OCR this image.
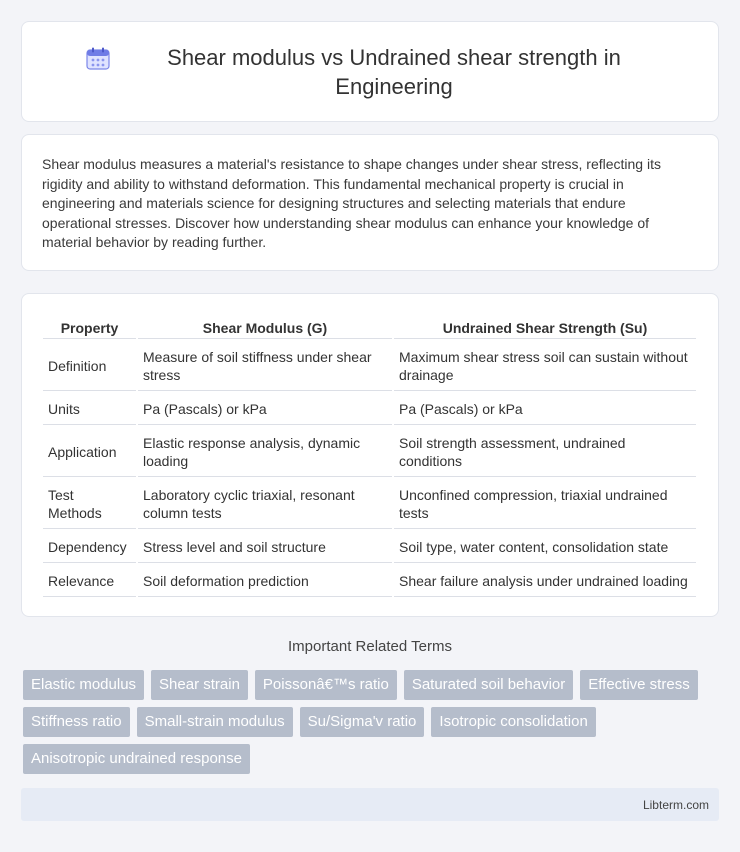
Shear modulus vs Undrained shear strength in Engineering

Shear modulus measures a material's resistance to shape changes under shear stress, reflecting its rigidity and ability to withstand deformation. This fundamental mechanical property is crucial in engineering and materials science for designing structures and selecting materials that endure operational stresses. Discover how understanding shear modulus can enhance your knowledge of material behavior by reading further.

Property	Shear Modulus (G)	Undrained Shear Strength (Su)
Definition	Measure of soil stiffness under shear stress	Maximum shear stress soil can sustain without drainage
Units	Pa (Pascals) or kPa	Pa (Pascals) or kPa
Application	Elastic response analysis, dynamic loading	Soil strength assessment, undrained conditions
Test Methods	Laboratory cyclic triaxial, resonant column tests	Unconfined compression, triaxial undrained tests
Dependency	Stress level and soil structure	Soil type, water content, consolidation state
Relevance	Soil deformation prediction	Shear failure analysis under undrained loading
Important Related Terms
Elastic modulus	Shear strain	Poissonâ€™s ratio	Saturated soil behavior	Effective stress
Stiffness ratio	Small-strain modulus	Su/Sigma'v ratio	Isotropic consolidation
Anisotropic undrained response
Libterm.com
